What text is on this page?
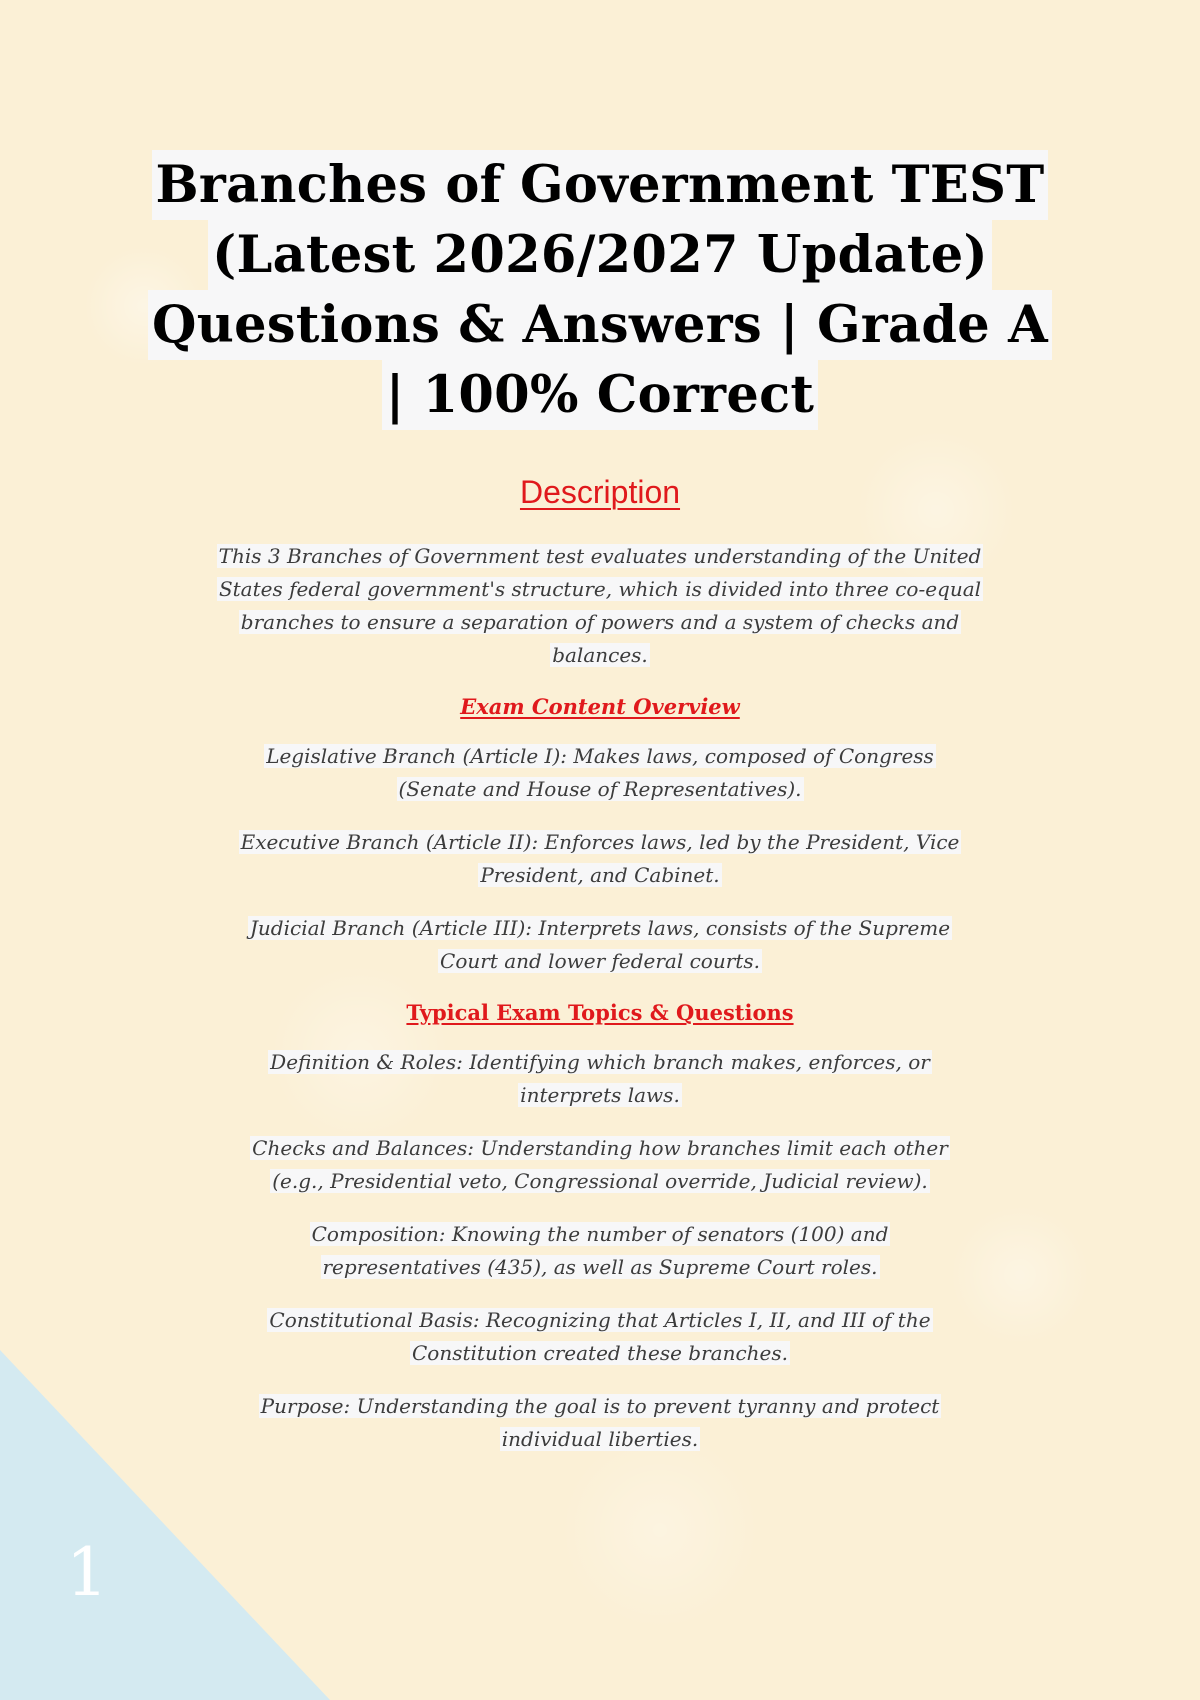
1
Branches of Government TEST
(Latest 2026/2027 Update)
Questions & Answers | Grade A
| 100% Correct
Description

This 3 Branches of Government test evaluates understanding of the United States federal government's structure, which is divided into three co-equal branches to ensure a separation of powers and a system of checks and balances.

Exam Content Overview

Legislative Branch (Article I): Makes laws, composed of Congress (Senate and House of Representatives).

Executive Branch (Article II): Enforces laws, led by the President, Vice President, and Cabinet.

Judicial Branch (Article III): Interprets laws, consists of the Supreme Court and lower federal courts.

Typical Exam Topics & Questions

Definition & Roles: Identifying which branch makes, enforces, or interprets laws.

Checks and Balances: Understanding how branches limit each other (e.g., Presidential veto, Congressional override, Judicial review).

Composition: Knowing the number of senators (100) and representatives (435), as well as Supreme Court roles.

Constitutional Basis: Recognizing that Articles I, II, and III of the Constitution created these branches.

Purpose: Understanding the goal is to prevent tyranny and protect individual liberties.
